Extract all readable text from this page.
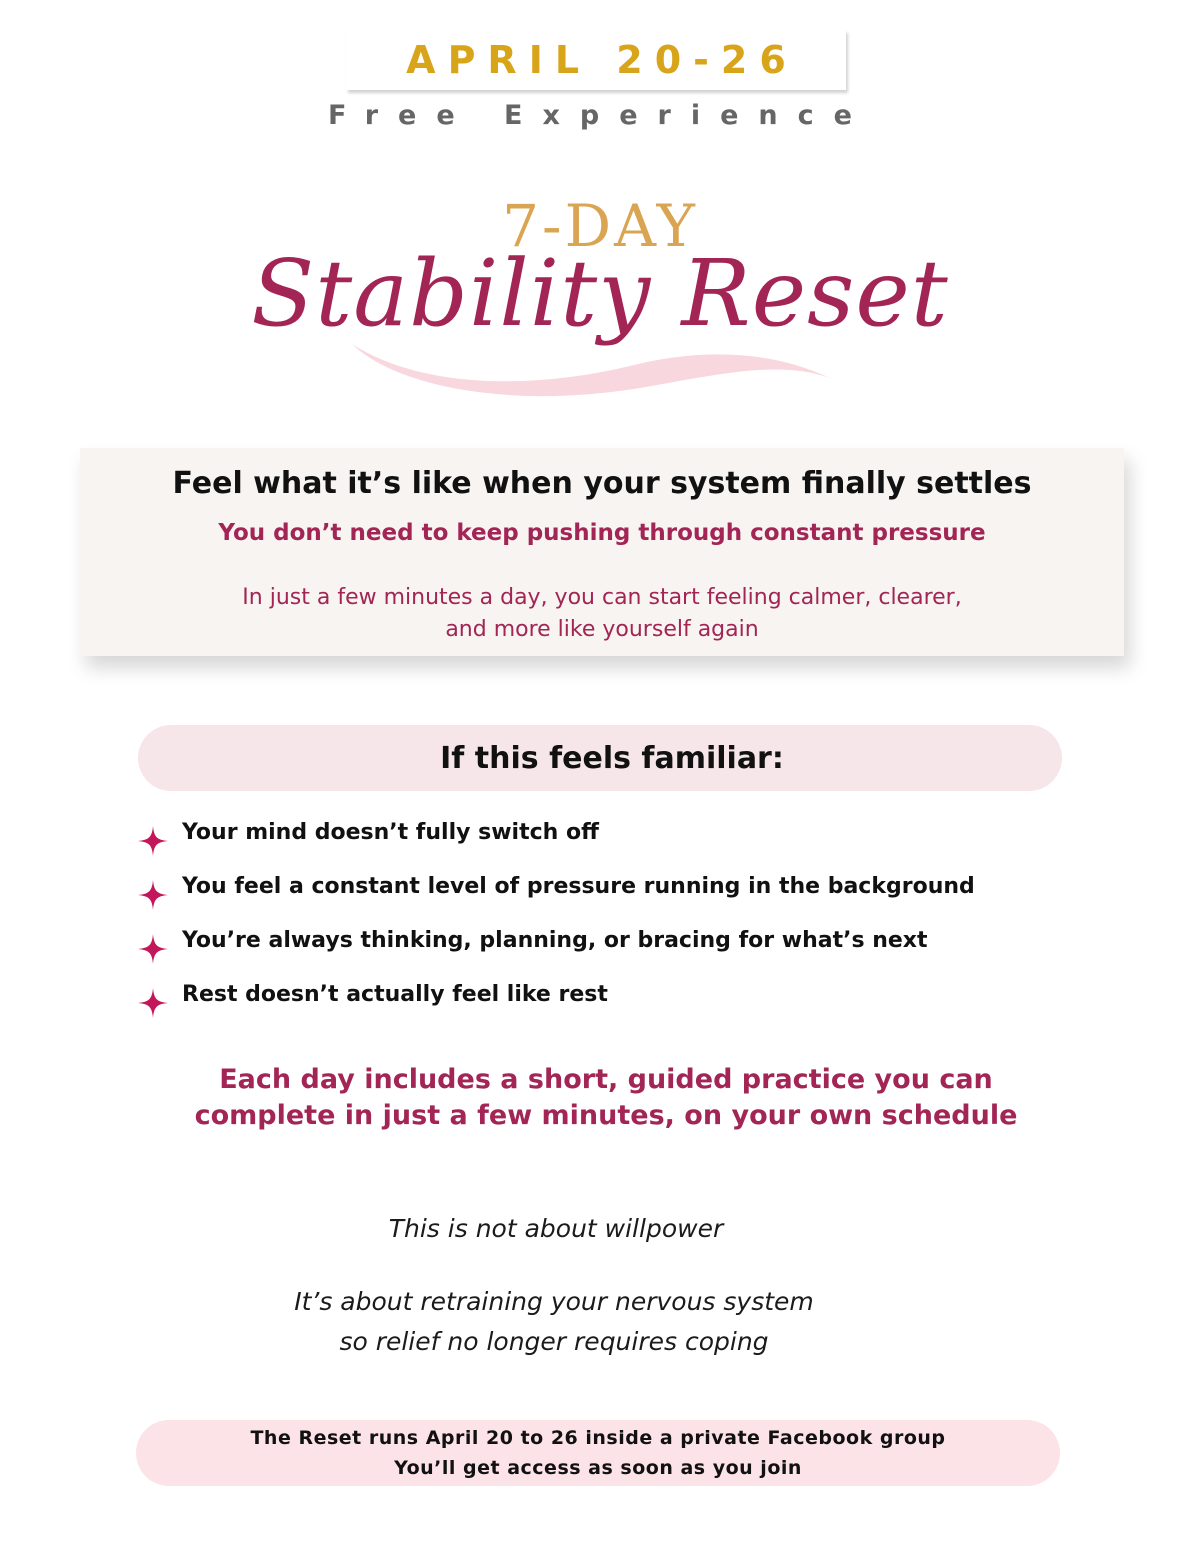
APRIL 20-26
Free Experience
7-DAY
Stability Reset
Feel what it’s like when your system finally settles
You don’t need to keep pushing through constant pressure
In just a few minutes a day, you can start feeling calmer, clearer,
and more like yourself again
If this feels familiar:
Your mind doesn’t fully switch off
You feel a constant level of pressure running in the background
You’re always thinking, planning, or bracing for what’s next
Rest doesn’t actually feel like rest
Each day includes a short, guided practice you can
complete in just a few minutes, on your own schedule
This is not about willpower
It’s about retraining your nervous system
so relief no longer requires coping
The Reset runs April 20 to 26 inside a private Facebook group
You’ll get access as soon as you join
